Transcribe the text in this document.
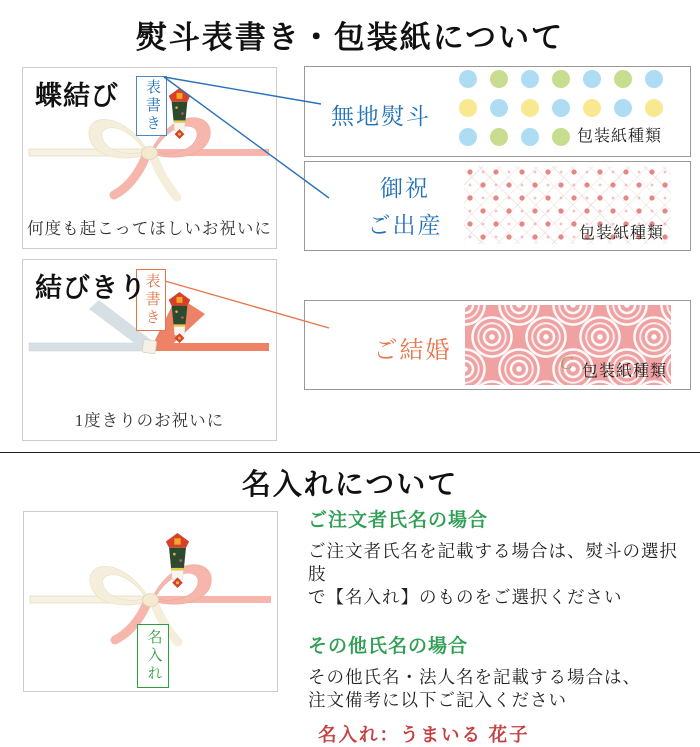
熨斗表書き・包装紙について
表書き
蝶結び
何度も起こってほしいお祝いに
表書き
結びきり
1度きりのお祝いに
無地熨斗
包装紙種類
御祝
ご出産	包装紙種類
ご結婚	C 包装紙種類
名入れについて
名入れ
ご注文者氏名の場合

ご注文者氏名を記載する場合は、熨斗の選択肢

で【名入れ】のものをご選択ください

その他氏名の場合

その他氏名・法人名を記載する場合は、

注文備考に以下ご記入ください

名入れ：うまいる 花子
